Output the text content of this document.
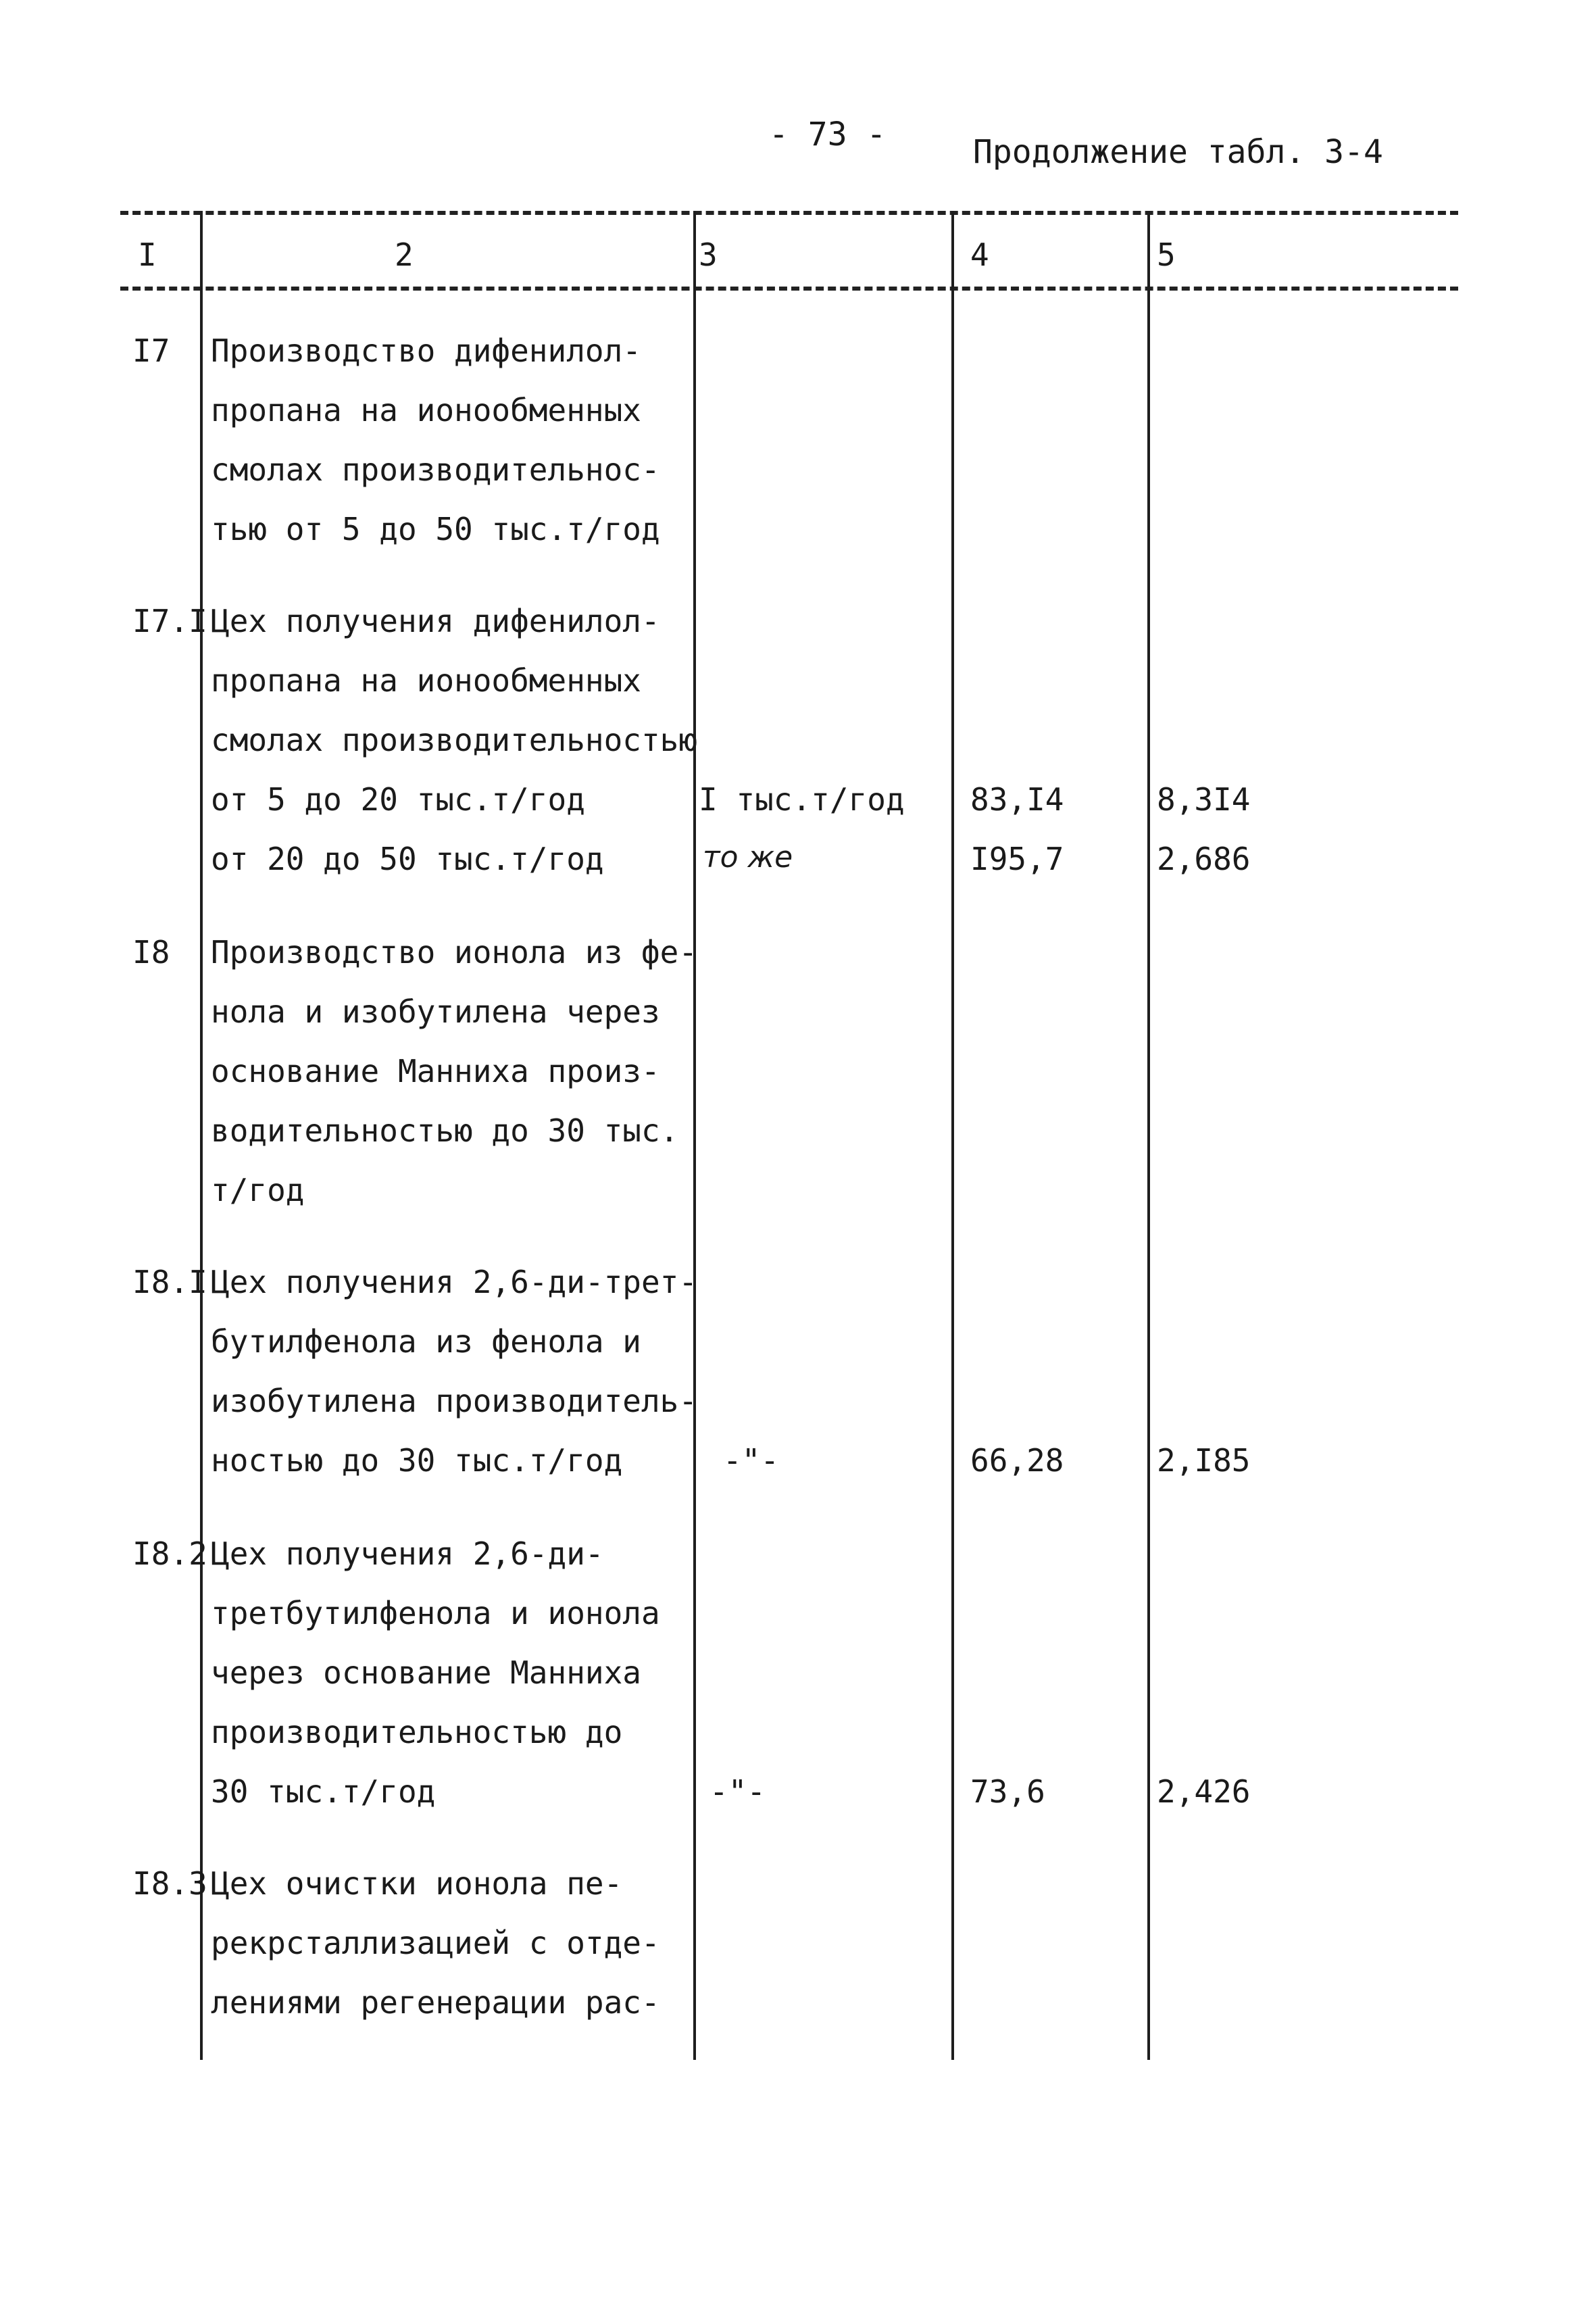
- 73 -	Продолжение табл. 3-4
I	2	3	4	5
I7 Производство дифенилол-
пропана на ионообменных
смолах производительнос-
тью от 5 до 50 тыс.т/год
I7.I Цех получения дифенилол-
пропана на ионообменных
смолах производительностью
от 5 до 20 тыс.т/год	I тыс.т/год 83,I4	8,3I4
от 20 до 50 тыс.т/год	то же	I95,7	2,686
I8 Производство ионола из фе-
нола и изобутилена через
основание Манниха произ-
водительностью до 30 тыс.
т/год
I8.I Цех получения 2,6-ди-трет-
бутилфенола из фенола и
изобутилена производитель-
ностью до 30 тыс.т/год	-"-	66,28	2,I85
I8.2 Цех получения 2,6-ди-
третбутилфенола и ионола
через основание Манниха
производительностью до
30 тыс.т/год	-"-	73,6	2,426
I8.3 Цех очистки ионола пе-
рекрсталлизацией с отде-
лениями регенерации рас-
